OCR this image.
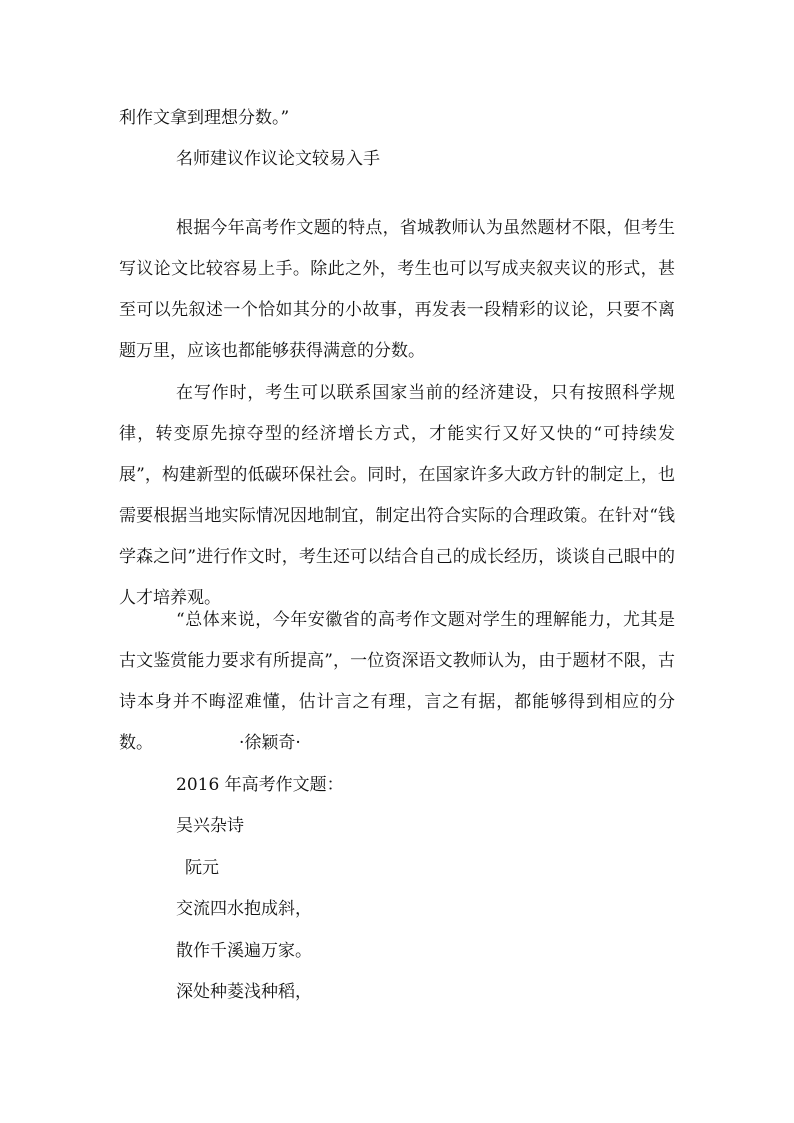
利作文拿到理想分数。”

名师建议作议论文较易入手

根据今年高考作文题的特点，省城教师认为虽然题材不限，但考生写议论文比较容易上手。除此之外，考生也可以写成夹叙夹议的形式，甚至可以先叙述一个恰如其分的小故事，再发表一段精彩的议论，只要不离题万里，应该也都能够获得满意的分数。

在写作时，考生可以联系国家当前的经济建设，只有按照科学规律，转变原先掠夺型的经济增长方式，才能实行又好又快的“可持续发展”，构建新型的低碳环保社会。同时，在国家许多大政方针的制定上，也需要根据当地实际情况因地制宜，制定出符合实际的合理政策。在针对“钱学森之问”进行作文时，考生还可以结合自己的成长经历，谈谈自己眼中的人才培养观。

“总体来说，今年安徽省的高考作文题对学生的理解能力，尤其是古文鉴赏能力要求有所提高”，一位资深语文教师认为，由于题材不限，古诗本身并不晦涩难懂，估计言之有理，言之有据，都能够得到相应的分数。	·徐颖奇·

2016 年高考作文题：

吴兴杂诗

阮元

交流四水抱成斜，

散作千溪遍万家。

深处种菱浅种稻，
